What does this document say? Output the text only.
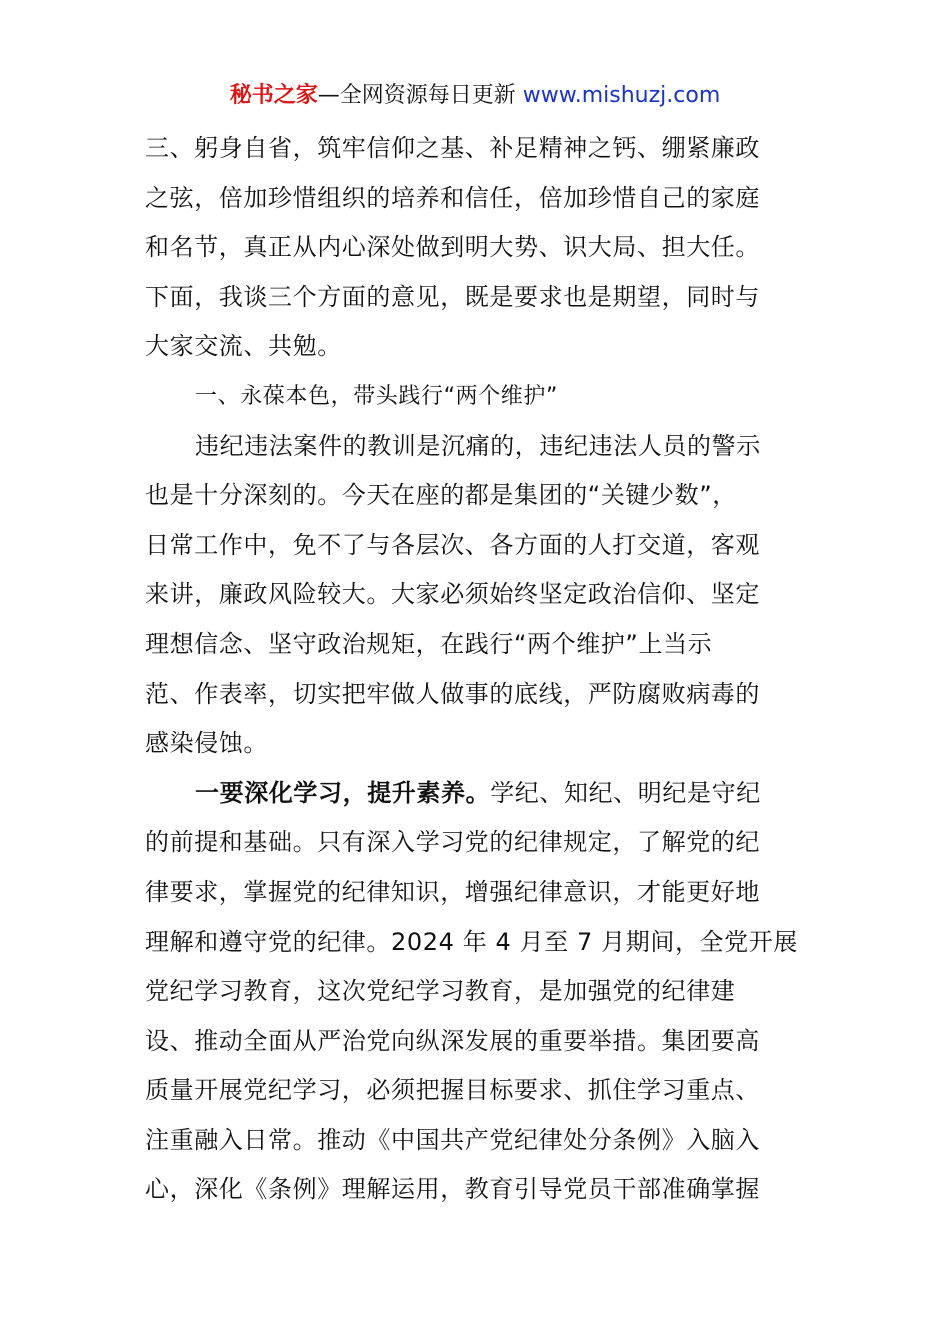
秘书之家—全网资源每日更新 www.mishuzj.com
三、躬身自省，筑牢信仰之基、补足精神之钙、绷紧廉政
之弦，倍加珍惜组织的培养和信任，倍加珍惜自己的家庭
和名节，真正从内心深处做到明大势、识大局、担大任。
下面，我谈三个方面的意见，既是要求也是期望，同时与
大家交流、共勉。
一、永葆本色，带头践行“两个维护”
违纪违法案件的教训是沉痛的，违纪违法人员的警示
也是十分深刻的。今天在座的都是集团的“关键少数”，
日常工作中，免不了与各层次、各方面的人打交道，客观
来讲，廉政风险较大。大家必须始终坚定政治信仰、坚定
理想信念、坚守政治规矩，在践行“两个维护”上当示
范、作表率，切实把牢做人做事的底线，严防腐败病毒的
感染侵蚀。
一要深化学习，提升素养。学纪、知纪、明纪是守纪
的前提和基础。只有深入学习党的纪律规定，了解党的纪
律要求，掌握党的纪律知识，增强纪律意识，才能更好地
理解和遵守党的纪律。2024 年 4 月至 7 月期间，全党开展
党纪学习教育，这次党纪学习教育，是加强党的纪律建
设、推动全面从严治党向纵深发展的重要举措。集团要高
质量开展党纪学习，必须把握目标要求、抓住学习重点、
注重融入日常。推动《中国共产党纪律处分条例》入脑入
心，深化《条例》理解运用，教育引导党员干部准确掌握
